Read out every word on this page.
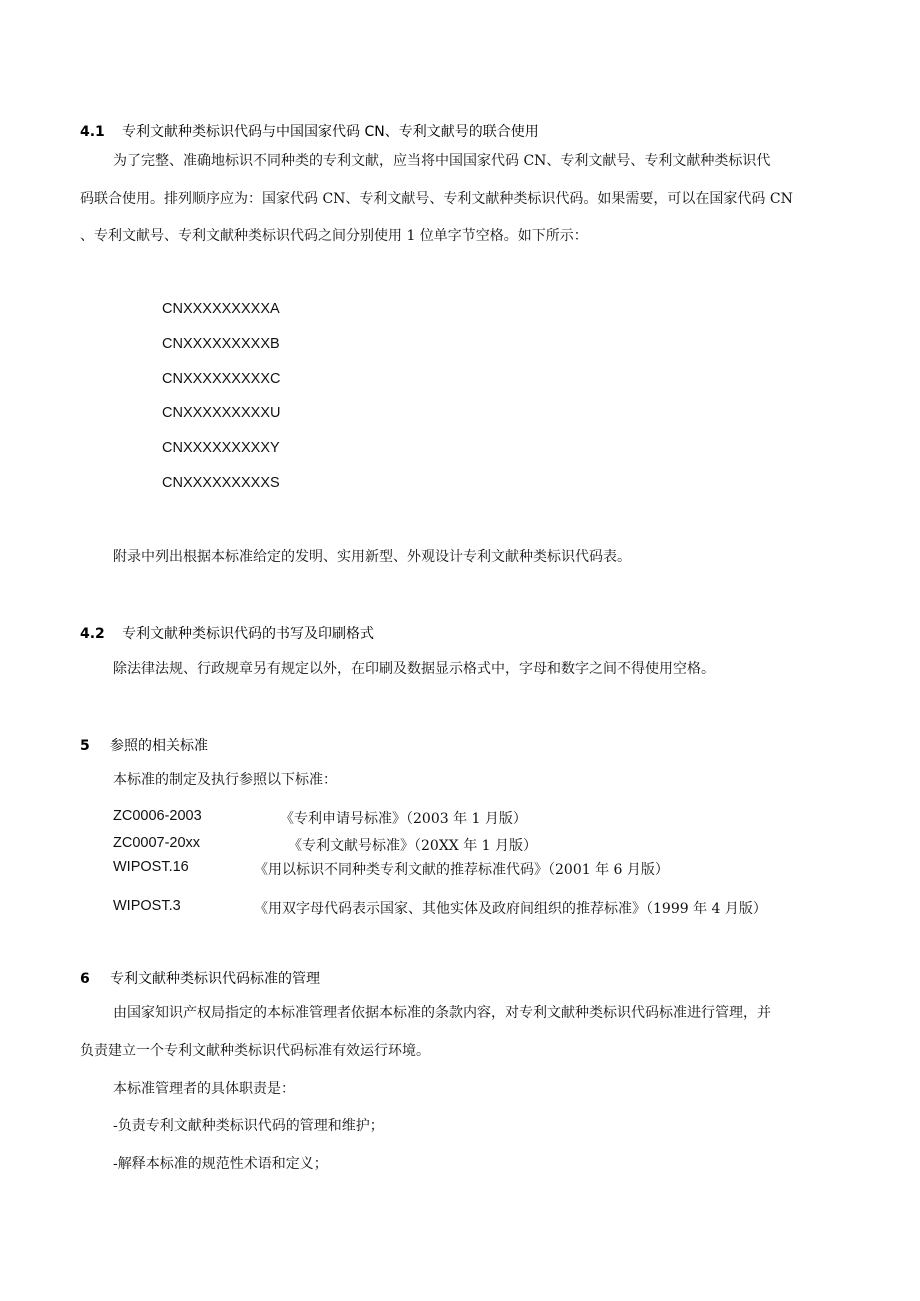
4.1 专利文献种类标识代码与中国国家代码 CN、专利文献号的联合使用
为了完整、准确地标识不同种类的专利文献，应当将中国国家代码 CN、专利文献号、专利文献种类标识代
码联合使用。排列顺序应为：国家代码 CN、专利文献号、专利文献种类标识代码。如果需要，可以在国家代码 CN
、专利文献号、专利文献种类标识代码之间分别使用 1 位单字节空格。如下所示：
CNXXXXXXXXXA
CNXXXXXXXXXB
CNXXXXXXXXXC
CNXXXXXXXXXU
CNXXXXXXXXXY
CNXXXXXXXXXS
附录中列出根据本标准给定的发明、实用新型、外观设计专利文献种类标识代码表。
4.2 专利文献种类标识代码的书写及印刷格式
除法律法规、行政规章另有规定以外，在印刷及数据显示格式中，字母和数字之间不得使用空格。
5 参照的相关标准
本标准的制定及执行参照以下标准：
ZC0006-2003	《专利申请号标准》（2003 年 1 月版）
ZC0007-20xx	《专利文献号标准》（20XX 年 1 月版）
WIPOST.16	《用以标识不同种类专利文献的推荐标准代码》（2001 年 6 月版）
WIPOST.3	《用双字母代码表示国家、其他实体及政府间组织的推荐标准》（1999 年 4 月版）
6 专利文献种类标识代码标准的管理
由国家知识产权局指定的本标准管理者依据本标准的条款内容，对专利文献种类标识代码标准进行管理，并
负责建立一个专利文献种类标识代码标准有效运行环境。
本标准管理者的具体职责是：
-负责专利文献种类标识代码的管理和维护；
-解释本标准的规范性术语和定义；
